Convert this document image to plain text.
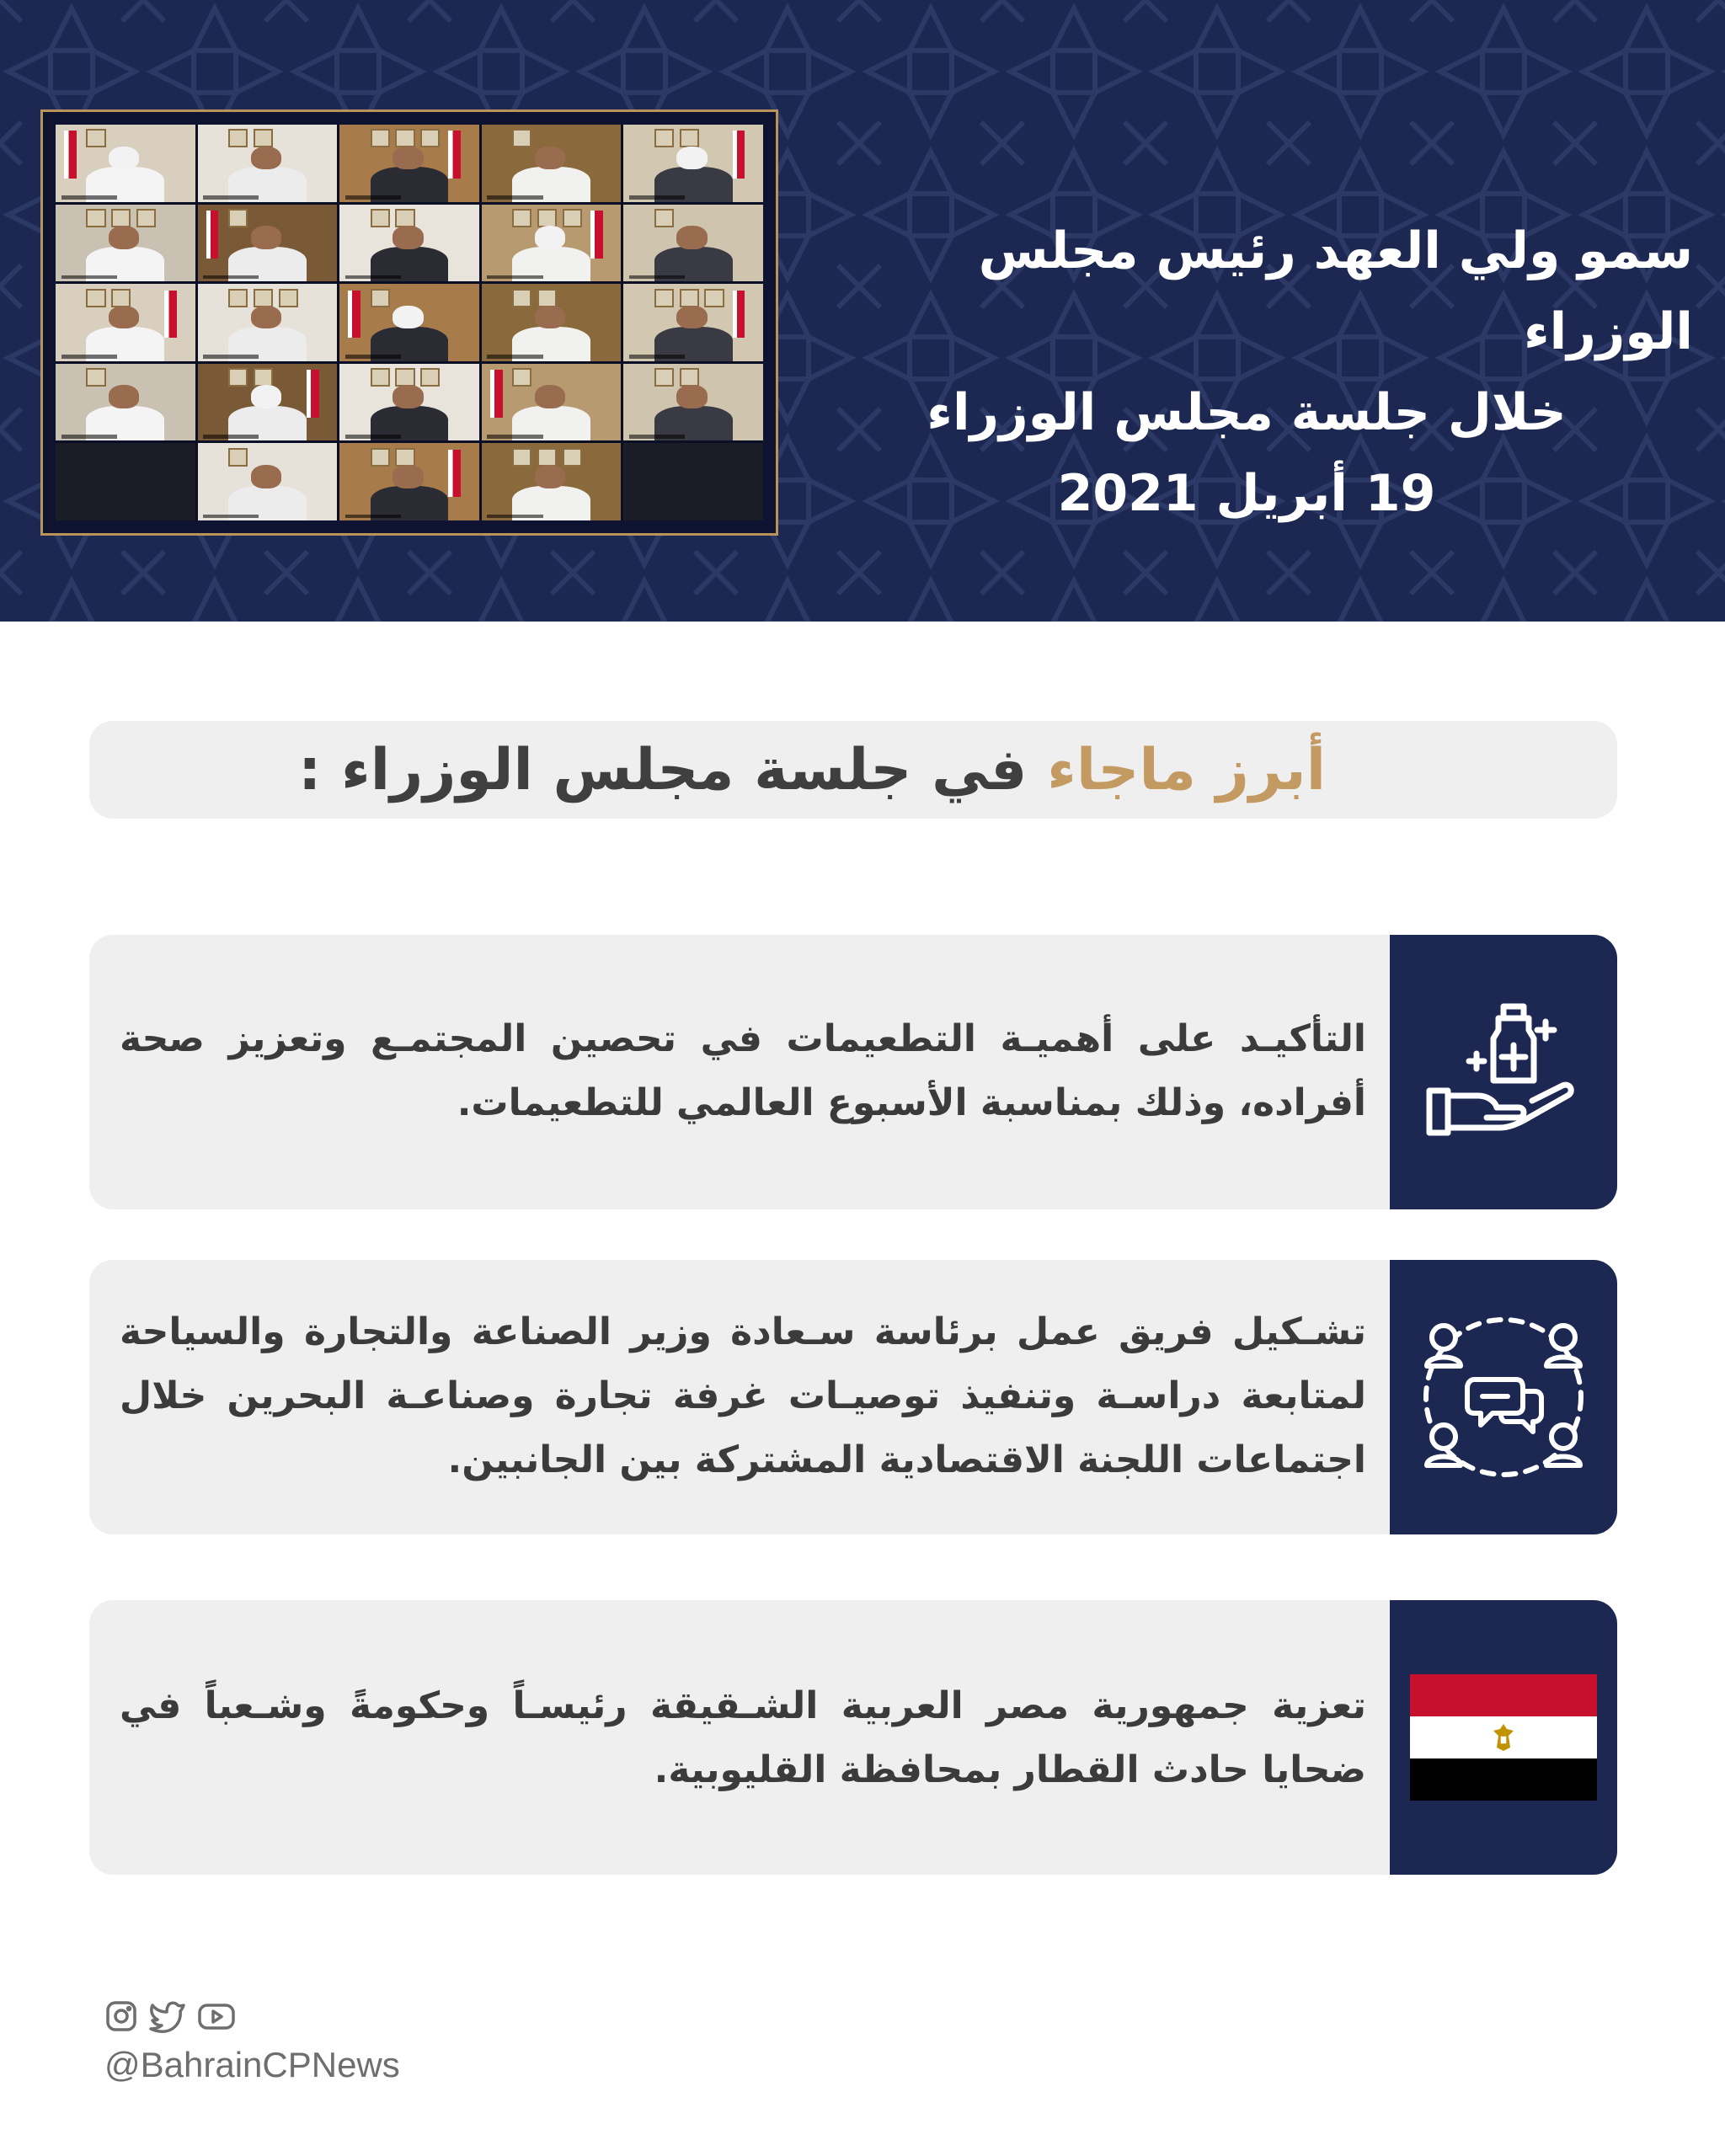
سمو ولي العهد رئيس مجلس الوزراء

خلال جلسة مجلس الوزراء

19 أبريل 2021

أبرز ماجاء في جلسة مجلس الوزراء :
التأكيـد على أهميـة التطعيمات في تحصين المجتمـع وتعزيز صحة أفراده، وذلك بمناسبة الأسبوع العالمي للتطعيمات.
تشـكيل فريق عمل برئاسة سـعادة وزير الصناعة والتجارة والسياحة لمتابعة دراسـة وتنفيذ توصيـات غرفة تجارة وصناعـة البحرين خلال اجتماعات اللجنة الاقتصادية المشتركة بين الجانبين.
تعزية جمهورية مصر العربية الشـقيقة رئيسـاً وحكومةً وشـعباً في ضحايا حادث القطار بمحافظة القليوبية.
@BahrainCPNews
